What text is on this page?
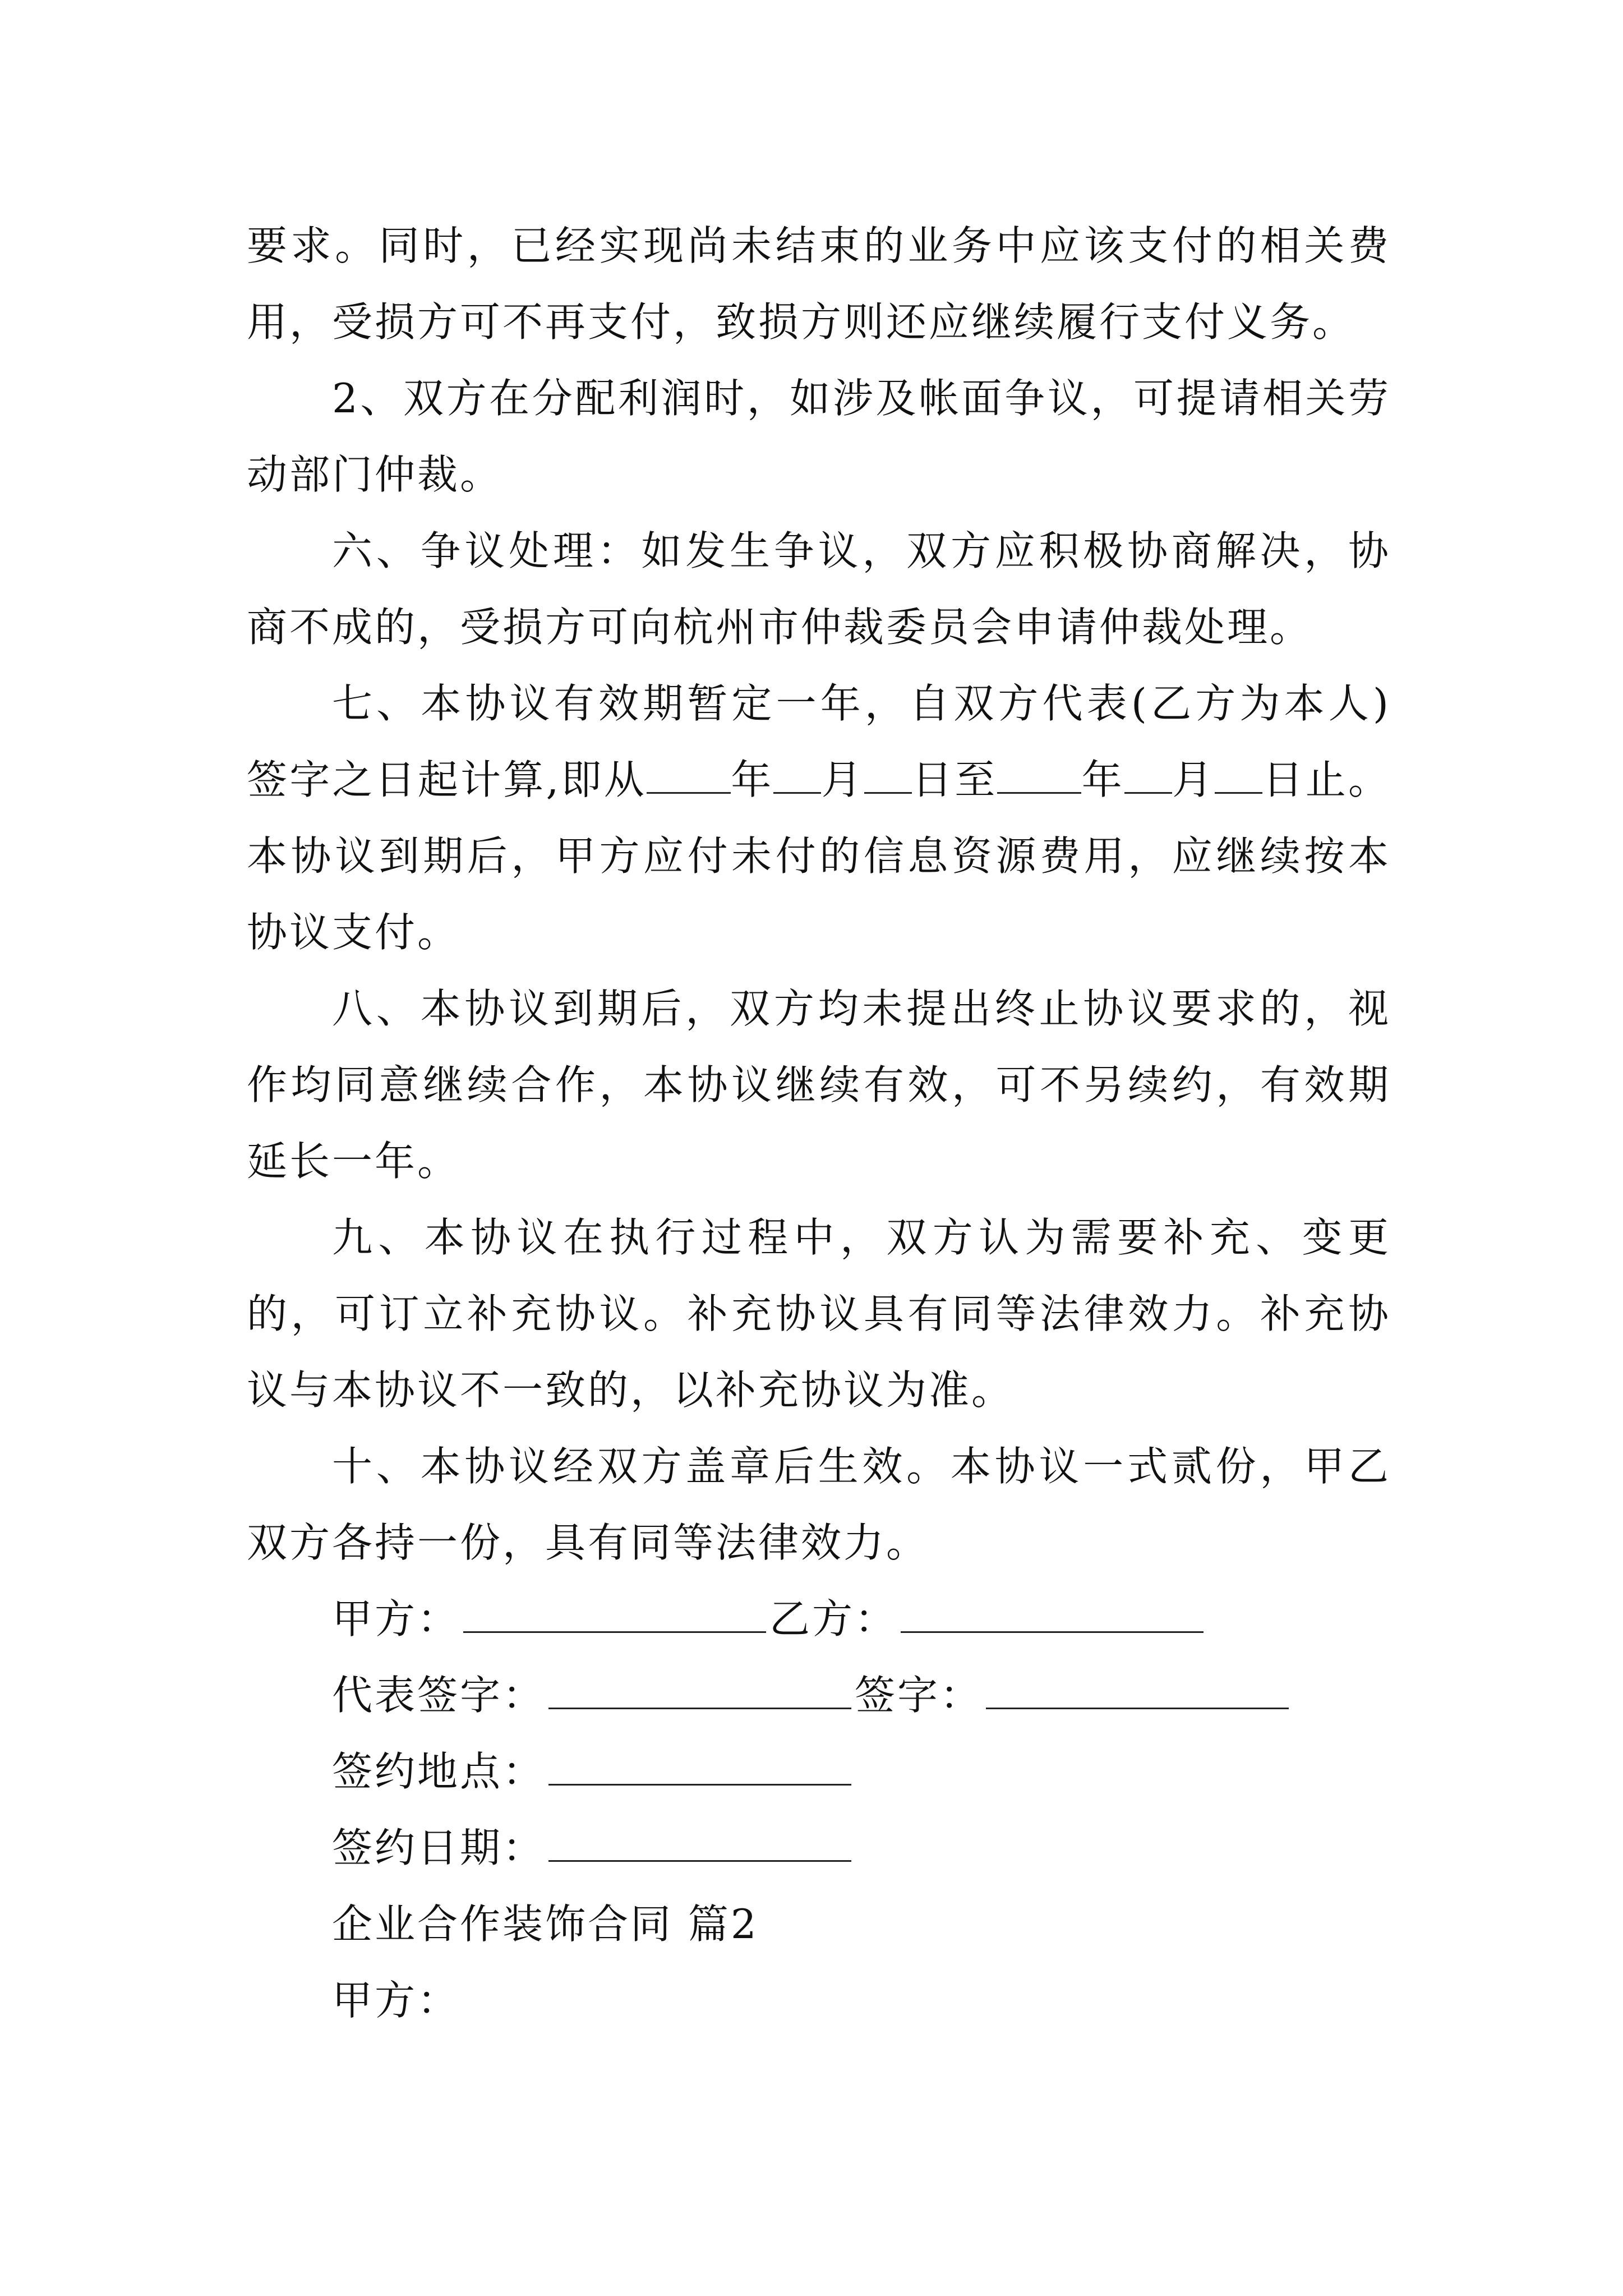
要求。同时，已经实现尚未结束的业务中应该支付的相关费用，受损方可不再支付，致损方则还应继续履行支付义务。

2、双方在分配利润时，如涉及帐面争议，可提请相关劳动部门仲裁。

六、争议处理：如发生争议，双方应积极协商解决，协商不成的，受损方可向杭州市仲裁委员会申请仲裁处理。

七、本协议有效期暂定一年，自双方代表(乙方为本人)签字之日起计算,即从 年 月 日至 年 月 日止。本协议到期后，甲方应付未付的信息资源费用，应继续按本协议支付。

八、本协议到期后，双方均未提出终止协议要求的，视作均同意继续合作，本协议继续有效，可不另续约，有效期延长一年。

九、本协议在执行过程中，双方认为需要补充、变更的，可订立补充协议。补充协议具有同等法律效力。补充协议与本协议不一致的，以补充协议为准。

十、本协议经双方盖章后生效。本协议一式贰份，甲乙双方各持一份，具有同等法律效力。

甲方：	乙方：
代表签字：	签字：
签约地点：
签约日期：
企业合作装饰合同 篇2
甲方：
